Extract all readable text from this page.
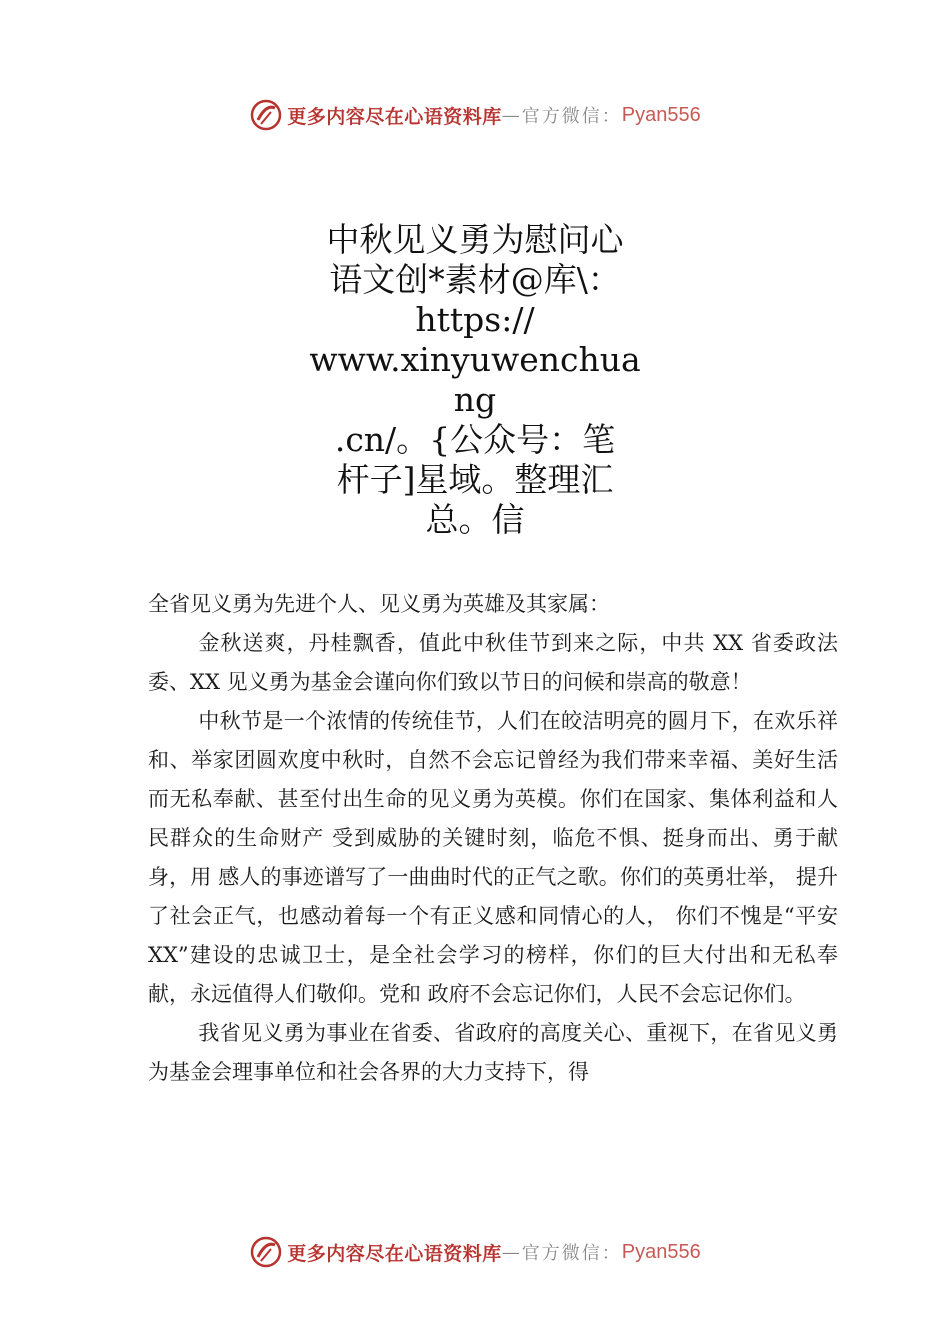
更多内容尽在心语资料库 — 官方微信： Pyan556
中秋见义勇为慰问心
语文创*素材@库\：
https://
www.xinyuwenchuang
.cn/。{公众号：笔
杆子]星域。整理汇
总。信

全省见义勇为先进个人、见义勇为英雄及其家属：

金秋送爽，丹桂飘香，值此中秋佳节到来之际，中共 XX 省委政法委、XX 见义勇为基金会谨向你们致以节日的问候和崇高的敬意！

中秋节是一个浓情的传统佳节，人们在皎洁明亮的圆月下，在欢乐祥和、举家团圆欢度中秋时，自然不会忘记曾经为我们带来幸福、美好生活而无私奉献、甚至付出生命的见义勇为英模。你们在国家、集体利益和人民群众的生命财产 受到威胁的关键时刻，临危不惧、挺身而出、勇于献身，用 感人的事迹谱写了一曲曲时代的正气之歌。你们的英勇壮举， 提升了社会正气，也感动着每一个有正义感和同情心的人， 你们不愧是“平安 XX”建设的忠诚卫士，是全社会学习的榜样，你们的巨大付出和无私奉献，永远值得人们敬仰。党和 政府不会忘记你们，人民不会忘记你们。

我省见义勇为事业在省委、省政府的高度关心、重视下，在省见义勇为基金会理事单位和社会各界的大力支持下，得

更多内容尽在心语资料库 — 官方微信： Pyan556
